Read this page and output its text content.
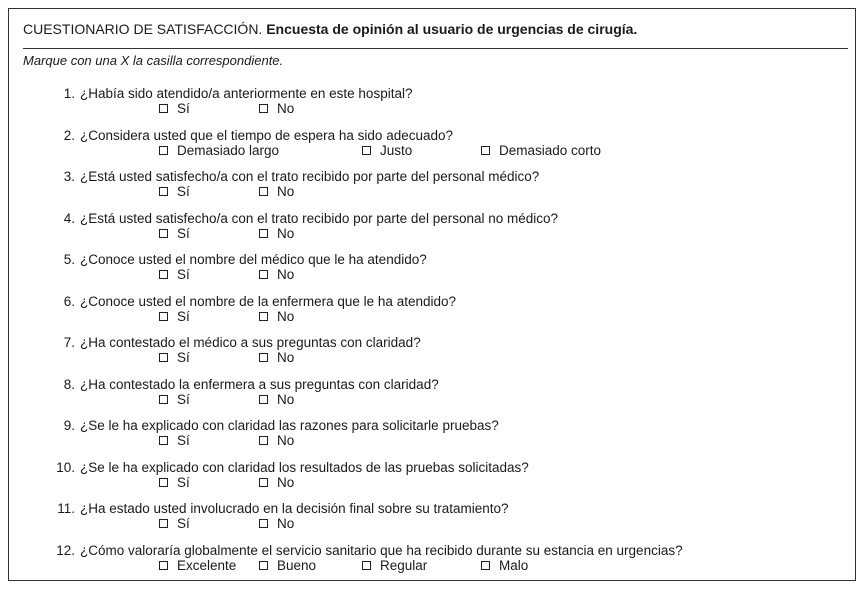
CUESTIONARIO DE SATISFACCIÓN. Encuesta de opinión al usuario de urgencias de cirugía.
Marque con una X la casilla correspondiente.
1. ¿Había sido atendido/a anteriormente en este hospital?
Sí	No
2. ¿Considera usted que el tiempo de espera ha sido adecuado?
Demasiado largo	Justo	Demasiado corto
3. ¿Está usted satisfecho/a con el trato recibido por parte del personal médico?
Sí	No
4. ¿Está usted satisfecho/a con el trato recibido por parte del personal no médico?
Sí	No
5. ¿Conoce usted el nombre del médico que le ha atendido?
Sí	No
6. ¿Conoce usted el nombre de la enfermera que le ha atendido?
Sí	No
7. ¿Ha contestado el médico a sus preguntas con claridad?
Sí	No
8. ¿Ha contestado la enfermera a sus preguntas con claridad?
Sí	No
9. ¿Se le ha explicado con claridad las razones para solicitarle pruebas?
Sí	No
10. ¿Se le ha explicado con claridad los resultados de las pruebas solicitadas?
Sí	No
11. ¿Ha estado usted involucrado en la decisión final sobre su tratamiento?
Sí	No
12. ¿Cómo valoraría globalmente el servicio sanitario que ha recibido durante su estancia en urgencias?
Excelente	Bueno	Regular	Malo
